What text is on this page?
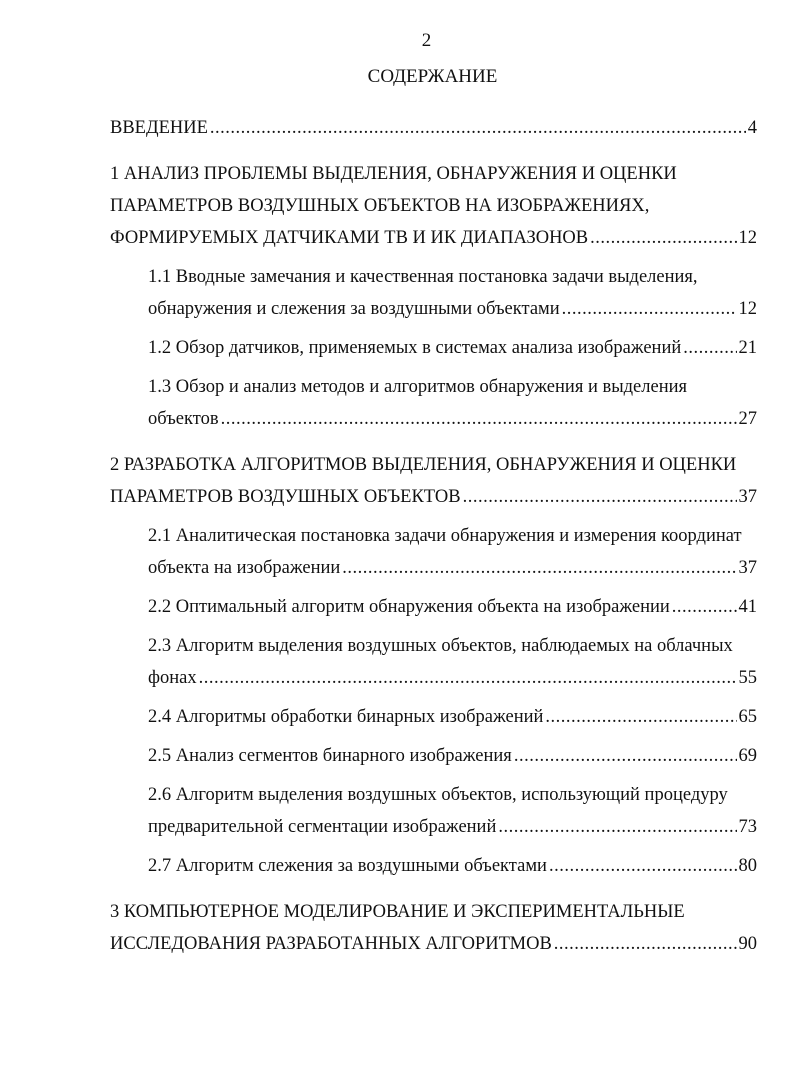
2
СОДЕРЖАНИЕ
ВВЕДЕНИЕ .....	4
1 АНАЛИЗ ПРОБЛЕМЫ ВЫДЕЛЕНИЯ, ОБНАРУЖЕНИЯ И ОЦЕНКИ
ПАРАМЕТРОВ ВОЗДУШНЫХ ОБЪЕКТОВ НА ИЗОБРАЖЕНИЯХ,
ФОРМИРУЕМЫХ ДАТЧИКАМИ ТВ И ИК ДИАПАЗОНОВ .....	12
1.1 Вводные замечания и качественная постановка задачи выделения,
обнаружения и слежения за воздушными объектами .....	12
1.2 Обзор датчиков, применяемых в системах анализа изображений .....	21
1.3 Обзор и анализ методов и алгоритмов обнаружения и выделения
объектов .....	27
2 РАЗРАБОТКА АЛГОРИТМОВ ВЫДЕЛЕНИЯ, ОБНАРУЖЕНИЯ И ОЦЕНКИ
ПАРАМЕТРОВ ВОЗДУШНЫХ ОБЪЕКТОВ .....	37
2.1 Аналитическая постановка задачи обнаружения и измерения координат
объекта на изображении .....	37
2.2 Оптимальный алгоритм обнаружения объекта на изображении .....	41
2.3 Алгоритм выделения воздушных объектов, наблюдаемых на облачных
фонах .....	55
2.4 Алгоритмы обработки бинарных изображений .....	65
2.5 Анализ сегментов бинарного изображения .....	69
2.6 Алгоритм выделения воздушных объектов, использующий процедуру
предварительной сегментации изображений .....	73
2.7 Алгоритм слежения за воздушными объектами .....	80
3 КОМПЬЮТЕРНОЕ МОДЕЛИРОВАНИЕ И ЭКСПЕРИМЕНТАЛЬНЫЕ
ИССЛЕДОВАНИЯ РАЗРАБОТАННЫХ АЛГОРИТМОВ .....	90
